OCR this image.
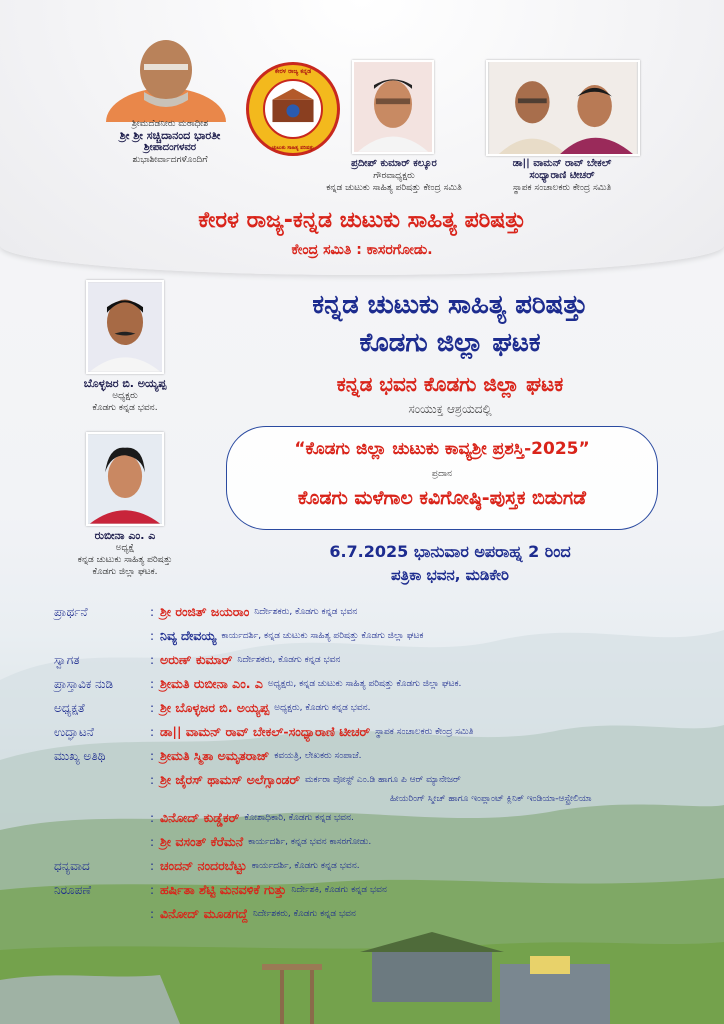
ಶ್ರೀಮದೆಡನೀರು ಮಠಾಧೀಶ
ಶ್ರೀ ಶ್ರೀ ಸಚ್ಚಿದಾನಂದ ಭಾರತೀ
ಶ್ರೀಪಾದಂಗಳವರ
ಶುಭಾಶೀರ್ವಾದಗಳೊಂದಿಗೆ
ಕೇರಳ ರಾಜ್ಯ ಕನ್ನಡ
ಚುಟುಕು ಸಾಹಿತ್ಯ ಪರಿಷತ್ತು
ಪ್ರದೀಪ್ ಕುಮಾರ್ ಕಲ್ಕೂರ
ಗೌರವಾಧ್ಯಕ್ಷರು
ಕನ್ನಡ ಚುಟುಕು ಸಾಹಿತ್ಯ ಪರಿಷತ್ತು ಕೇಂದ್ರ ಸಮಿತಿ
ಡಾ|| ವಾಮನ್ ರಾವ್ ಬೇಕಲ್
ಸಂಧ್ಯಾರಾಣಿ ಟೀಚರ್
ಸ್ಥಾಪಕ ಸಂಚಾಲಕರು ಕೇಂದ್ರ ಸಮಿತಿ
ಕೇರಳ ರಾಜ್ಯ-ಕನ್ನಡ ಚುಟುಕು ಸಾಹಿತ್ಯ ಪರಿಷತ್ತು
ಕೇಂದ್ರ ಸಮಿತಿ : ಕಾಸರಗೋಡು.
ಬೊಳ್ಳಜರ ಬಿ. ಅಯ್ಯಪ್ಪ
ಅಧ್ಯಕ್ಷರು
ಕೊಡಗು ಕನ್ನಡ ಭವನ.
ರುಬೀನಾ ಎಂ. ಎ
ಅಧ್ಯಕ್ಷೆ
ಕನ್ನಡ ಚುಟುಕು ಸಾಹಿತ್ಯ ಪರಿಷತ್ತು
ಕೊಡಗು ಜಿಲ್ಲಾ ಘಟಕ.
ಕನ್ನಡ ಚುಟುಕು ಸಾಹಿತ್ಯ ಪರಿಷತ್ತು
ಕೊಡಗು ಜಿಲ್ಲಾ ಘಟಕ
ಕನ್ನಡ ಭವನ ಕೊಡಗು ಜಿಲ್ಲಾ ಘಟಕ
ಸಂಯುಕ್ತ ಆಶ್ರಯದಲ್ಲಿ
“ಕೊಡಗು ಜಿಲ್ಲಾ ಚುಟುಕು ಕಾವ್ಯಶ್ರೀ ಪ್ರಶಸ್ತಿ-2025”
ಪ್ರದಾನ
ಕೊಡಗು ಮಳೆಗಾಲ ಕವಿಗೋಷ್ಠಿ-ಪುಸ್ತಕ ಬಿಡುಗಡೆ
6.7.2025 ಭಾನುವಾರ ಅಪರಾಹ್ನ 2 ರಿಂದ
ಪತ್ರಿಕಾ ಭವನ, ಮಡಿಕೇರಿ
ಪ್ರಾರ್ಥನೆ	: ಶ್ರೀ ರಂಜಿತ್ ಜಯರಾಂ ನಿರ್ದೇಶಕರು, ಕೊಡಗು ಕನ್ನಡ ಭವನ
: ನಿವ್ಯ ದೇವಯ್ಯ ಕಾರ್ಯದರ್ಶಿ, ಕನ್ನಡ ಚುಟುಕು ಸಾಹಿತ್ಯ ಪರಿಷತ್ತು ಕೊಡಗು ಜಿಲ್ಲಾ ಘಟಕ
ಸ್ವಾಗತ	: ಅರುಣ್ ಕುಮಾರ್ ನಿರ್ದೇಶಕರು, ಕೊಡಗು ಕನ್ನಡ ಭವನ
ಪ್ರಾಸ್ತಾವಿಕ ನುಡಿ	: ಶ್ರೀಮತಿ ರುಬೀನಾ ಎಂ. ಎ ಅಧ್ಯಕ್ಷರು, ಕನ್ನಡ ಚುಟುಕು ಸಾಹಿತ್ಯ ಪರಿಷತ್ತು ಕೊಡಗು ಜಿಲ್ಲಾ ಘಟಕ.
ಅಧ್ಯಕ್ಷತೆ	: ಶ್ರೀ ಬೊಳ್ಳಜರ ಬಿ. ಅಯ್ಯಪ್ಪ ಅಧ್ಯಕ್ಷರು, ಕೊಡಗು ಕನ್ನಡ ಭವನ.
ಉದ್ಘಾಟನೆ	: ಡಾ|| ವಾಮನ್ ರಾವ್ ಬೇಕಲ್-ಸಂಧ್ಯಾರಾಣಿ ಟೀಚರ್ ಸ್ಥಾಪಕ ಸಂಚಾಲಕರು ಕೇಂದ್ರ ಸಮಿತಿ
ಮುಖ್ಯ ಅತಿಥಿ	: ಶ್ರೀಮತಿ ಸ್ಮಿತಾ ಅಮೃತರಾಜ್ ಕವಯತ್ರಿ, ಲೇಖಕರು ಸಂಪಾಜೆ.
: ಶ್ರೀ ಜೈರಸ್ ಥಾಮಸ್ ಅಲೆಗ್ಸಾಂಡರ್ ಮರ್ಕರಾ ಪೋಸ್ಟ್ ಎಂ.ಡಿ ಹಾಗೂ ಪಿ ಆರ್ ಮ್ಯಾನೇಜರ್
ಹೀಯರಿಂಗ್ ಸ್ಮೀಚ್ ಹಾಗೂ ಇಂಪ್ಲಾಂಟ್ ಕ್ಲಿನಿಕ್ ಇಂಡಿಯಾ-ಆಸ್ಟ್ರೇಲಿಯಾ
: ವಿನೋದ್ ಕುಡ್ಡೆಕರ್ ಕೋಶಾಧಿಕಾರಿ, ಕೊಡಗು ಕನ್ನಡ ಭವನ.
: ಶ್ರೀ ವಸಂತ್ ಕೆರೆಮನೆ ಕಾರ್ಯದರ್ಶಿ, ಕನ್ನಡ ಭವನ ಕಾಸರಗೋಡು.
ಧನ್ಯವಾದ	: ಚಂದನ್ ನಂದರಬೆಟ್ಟು ಕಾರ್ಯದರ್ಶಿ, ಕೊಡಗು ಕನ್ನಡ ಭವನ.
ನಿರೂಪಣೆ	: ಹರ್ಷಿತಾ ಶೆಟ್ಟಿ ಮನವಳಿಕೆ ಗುತ್ತು ನಿರ್ದೇಶಕಿ, ಕೊಡಗು ಕನ್ನಡ ಭವನ
: ವಿನೋದ್ ಮೂಡಗದ್ದೆ ನಿರ್ದೇಶಕರು, ಕೊಡಗು ಕನ್ನಡ ಭವನ
